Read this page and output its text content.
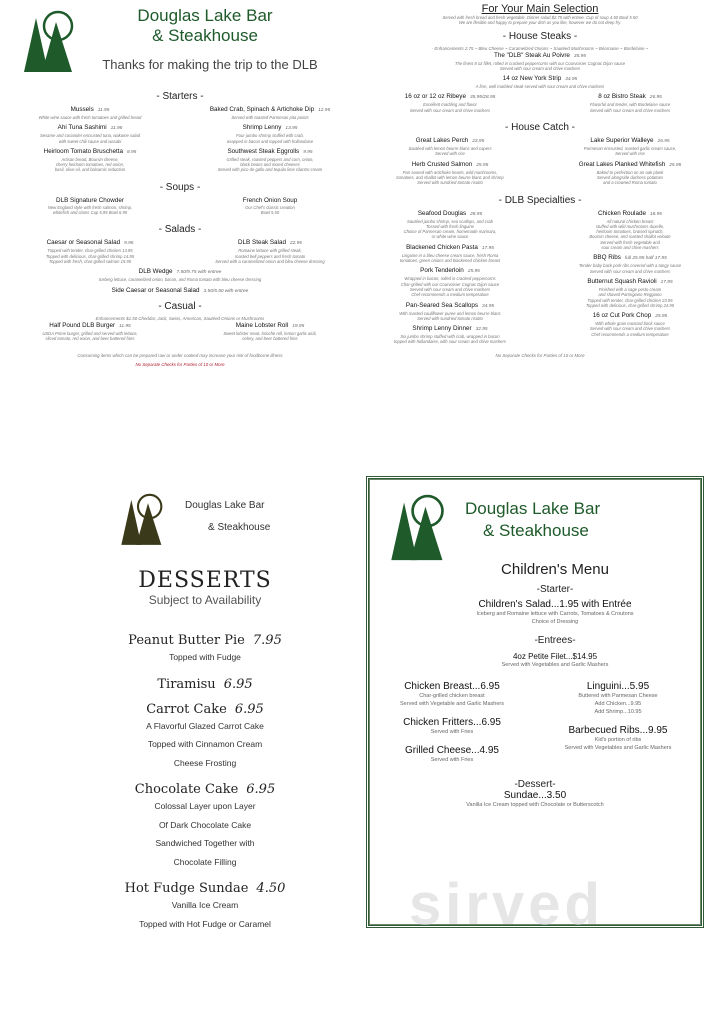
Douglas Lake Bar
& Steakhouse
Thanks for making the trip to the DLB
- Starters -
Mussels 11.95
White wine sauce with fresh tomatoes and grilled bread
Baked Crab, Spinach & Artichoke Dip 12.95
Served with toasted Parmesan pita points
Ahi Tuna Sashimi 11.95
Sesame and coriander encrusted tuna, wakame salad
with sweet chili sauce and wasabi
Shrimp Lenny 13.95
Four jumbo shrimp stuffed with crab,
wrapped in bacon and topped with hollandaise
Heirloom Tomato Bruschetta 8.95
Artisan bread, Boursin cheese,
cherry heirloom tomatoes, red onion,
basil, olive oil, and balsamic reduction
Southwest Steak Eggrolls 9.95
Grilled steak, roasted peppers and corn, onion,
black beans and mixed cheeses
Served with pico de gallo and tequila lime cilantro cream
- Soups -
DLB Signature Chowder
New England style with fresh salmon, shrimp,
whitefish and clams Cup 5.95 Bowl 6.95
French Onion Soup
Our Chef's classic creation
Bowl 5.50
- Salads -
Caesar or Seasonal Salad 9.95
Topped with tender, char-grilled chicken 13.95
Topped with delicious, char-grilled shrimp 14.95
Topped with fresh, char-grilled salmon 15.95
DLB Steak Salad 22.95
Romaine lettuce with grilled steak,
roasted bell peppers and fresh tomato
Served with a caramelized onion and bleu cheese dressing
DLB Wedge 7.50/9.75 with entree
Iceberg lettuce, caramelized onion, bacon, and Roma tomato with bleu cheese dressing
Side Caesar or Seasonal Salad 3.50/5.50 with entree
- Casual -
Enhancements $1.50 Cheddar, Jack, Swiss, American, Sautéed Onions or Mushrooms
Half Pound DLB Burger 11.95
USDA Prime burger, grilled and served with lettuce,
sliced tomato, red onion, and beer battered fries
Maine Lobster Roll 19.95
Sweet lobster meat, brioche roll, lemon garlic aioli,
celery, and beer battered fries
Consuming items which can be prepared raw or under cooked may increase your risk of foodborne illness
No Separate Checks for Parties of 10 or More
For Your Main Selection
Served with fresh bread and fresh vegetable. Dinner salad $2.75 with entree. Cup of soup 4.50 Bowl 5.50
We are flexible and happy to prepare your dish as you like, however we do not deep fry.
- House Steaks -
- Enhancements 2.75 ~ Bleu Cheese ~ Caramelized Onions ~ Sautéed Mushrooms ~ Béarnaise ~ Bordelaise ~
The "DLB" Steak Au Poivre 35.95
The finest 8 oz fillet, rolled in cracked peppercorns with our Courvoisier Cognac Dijon sauce
Served with sour cream and chive mashers
14 oz New York Strip 34.95
A firm, well marbled steak served with sour cream and chive mashers
16 oz or 12 oz Ribeye 35.95/28.95
Excellent marbling and flavor
Served with sour cream and chive mashers
8 oz Bistro Steak 26.95
Flavorful and tender, with Bordelaise sauce
Served with sour cream and chive mashers
- House Catch -
Great Lakes Perch 23.95
Sautéed with lemon beurre blanc and capers
Served with rice
Lake Superior Walleye 26.95
Parmesan encrusted, roasted garlic cream sauce,
Served with rice
Herb Crusted Salmon 25.95
Pan seared with artichoke hearts, wild mushrooms,
tomatoes, and shallot with lemon beurre blanc and shrimp
Served with sundried tomato risotto
Great Lakes Planked Whitefish 25.95
Baked to perfection on an oak plank
Served alongside duchess potatoes
and a crowned Roma tomato
- DLB Specialties -
Seafood Douglas 28.95
Sautéed jumbo shrimp, sea scallops, and crab
Tossed with fresh linguine
Choice of Parmesan cream, homemade marinara,
or white wine sauce
Blackened Chicken Pasta 17.95
Linguine in a bleu cheese cream sauce, fresh Roma
tomatoes, green onions and blackened chicken breast
Pork Tenderloin 25.95
Wrapped in bacon, rolled in cracked peppercorns
Char-grilled with our Courvoisier Cognac Dijon sauce
Served with sour cream and chive mashers
Chef recommends a medium temperature
Pan-Seared Sea Scallops 34.95
With roasted cauliflower puree and lemon beurre blanc
Served with sundried tomato risotto
Shrimp Lenny Dinner 32.95
Six jumbo shrimp stuffed with crab, wrapped in bacon
topped with hollandaise, with sour cream and chive mashers
Chicken Roulade 18.95
All natural chicken breast
stuffed with wild mushrooms duxelle,
heirloom tomatoes, braised spinach,
Boursin cheese, and roasted shallot veloute
Served with fresh vegetable and
sour cream and chive mashers
BBQ Ribs full 25.95 half 17.95
Tender baby back pork ribs covered with a tangy sauce
Served with sour cream and chive mashers
Butternut Squash Ravioli 17.95
Finished with a sage pesto cream
and shaved Parmigiano Reggiano
Topped with tender, char-grilled chicken 23.95
Topped with delicious, char-grilled shrimp 24.95
16 oz Cut Pork Chop 25.95
With whole grain mustard bock sauce
Served with sour cream and chive mashers
Chef recommends a medium temperature
No Separate Checks for Parties of 10 or More
Douglas Lake Bar
& Steakhouse
DESSERTS
Subject to Availability
Peanut Butter Pie 7.95
Topped with Fudge
Tiramisu 6.95
Carrot Cake 6.95
A Flavorful Glazed Carrot Cake
Topped with Cinnamon Cream
Cheese Frosting
Chocolate Cake 6.95
Colossal Layer upon Layer
Of Dark Chocolate Cake
Sandwiched Together with
Chocolate Filling
Hot Fudge Sundae 4.50
Vanilla Ice Cream
Topped with Hot Fudge or Caramel	sirved
Douglas Lake Bar
& Steakhouse
Children's Menu
-Starter-
Children's Salad...1.95 with Entrée
Iceberg and Romaine lettuce with Carrots, Tomatoes & Croutons
Choice of Dressing
-Entrees-
4oz Petite Filet...$14.95
Served with Vegetables and Garlic Mashers
Chicken Breast...6.95
Char-grilled chicken breast
Served with Vegetable and Garlic Mashers
Chicken Fritters...6.95
Served with Fries
Grilled Cheese...4.95
Served with Fries
Linguini...5.95
Buttered with Parmesan Cheese
Add Chicken...9.95
Add Shrimp...10.95
Barbecued Ribs...9.95
Kid's portion of ribs
Served with Vegetables and Garlic Mashers
-Dessert-
Sundae...3.50
Vanilla Ice Cream topped with Chocolate or Butterscotch
